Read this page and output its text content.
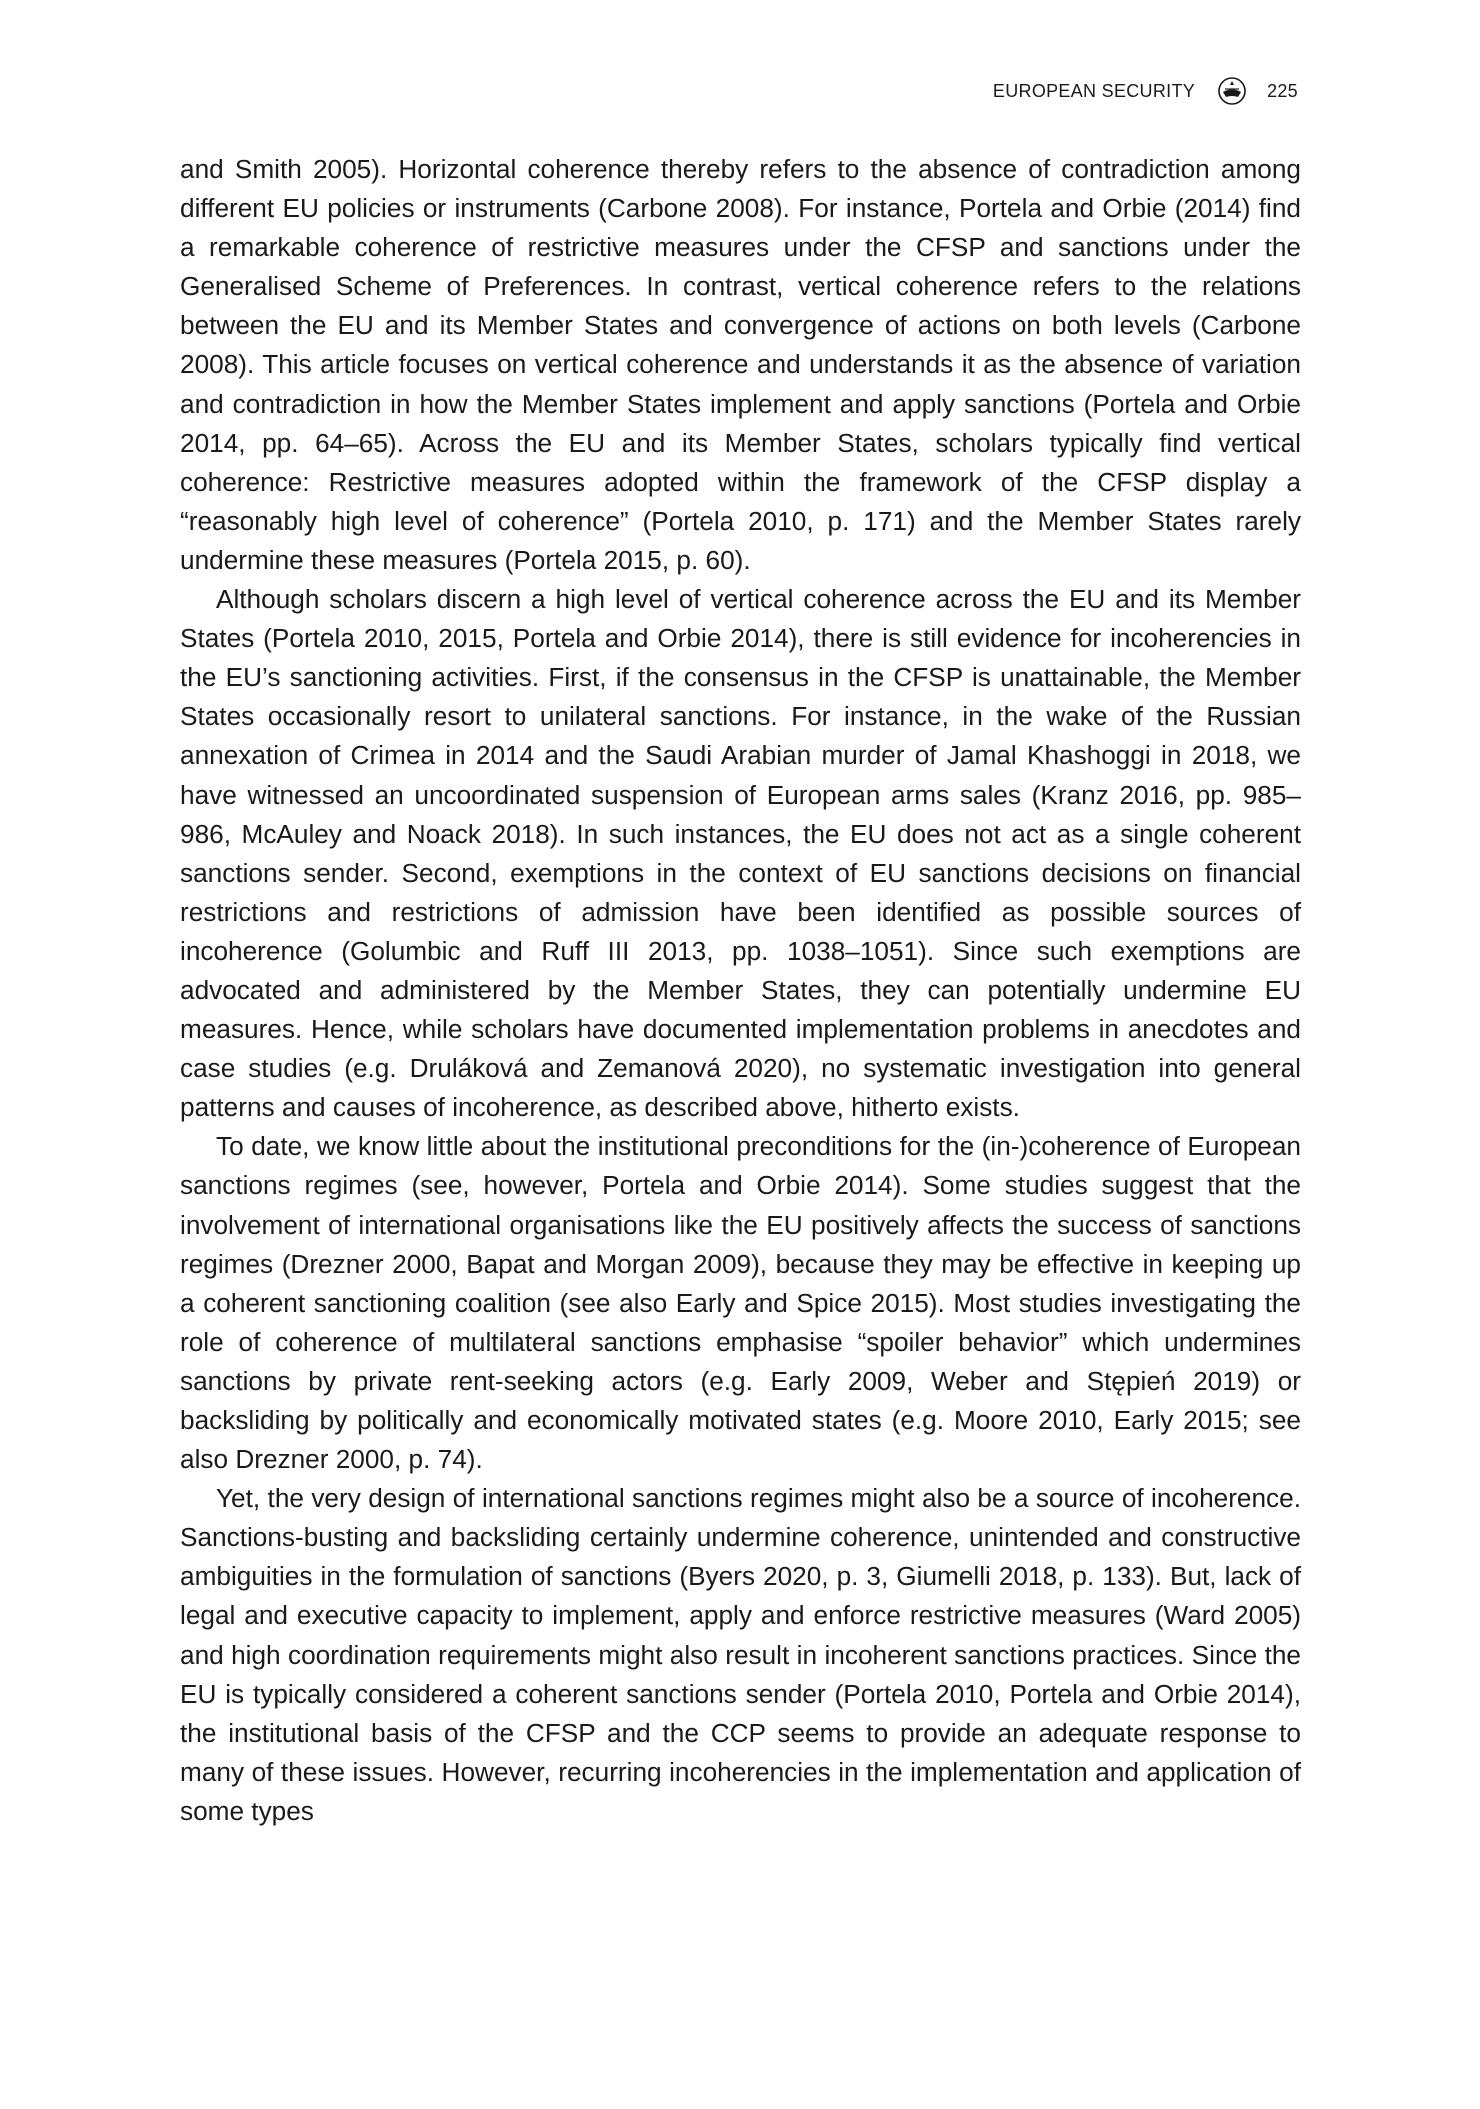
EUROPEAN SECURITY	225

and Smith 2005). Horizontal coherence thereby refers to the absence of contradiction among different EU policies or instruments (Carbone 2008). For instance, Portela and Orbie (2014) find a remarkable coherence of restrictive measures under the CFSP and sanctions under the Generalised Scheme of Preferences. In contrast, vertical coherence refers to the relations between the EU and its Member States and convergence of actions on both levels (Carbone 2008). This article focuses on vertical coherence and understands it as the absence of variation and contradiction in how the Member States implement and apply sanctions (Portela and Orbie 2014, pp. 64–65). Across the EU and its Member States, scholars typically find vertical coherence: Restrictive measures adopted within the framework of the CFSP display a “reasonably high level of coherence” (Portela 2010, p. 171) and the Member States rarely undermine these measures (Portela 2015, p. 60).

Although scholars discern a high level of vertical coherence across the EU and its Member States (Portela 2010, 2015, Portela and Orbie 2014), there is still evidence for incoherencies in the EU’s sanctioning activities. First, if the consensus in the CFSP is unattainable, the Member States occasionally resort to unilateral sanctions. For instance, in the wake of the Russian annexation of Crimea in 2014 and the Saudi Arabian murder of Jamal Khashoggi in 2018, we have witnessed an uncoordinated suspension of European arms sales (Kranz 2016, pp. 985–986, McAuley and Noack 2018). In such instances, the EU does not act as a single coherent sanctions sender. Second, exemptions in the context of EU sanctions decisions on financial restrictions and restrictions of admission have been identified as possible sources of incoherence (Golumbic and Ruff III 2013, pp. 1038–1051). Since such exemptions are advocated and administered by the Member States, they can potentially undermine EU measures. Hence, while scholars have documented implementation problems in anecdotes and case studies (e.g. Druláková and Zemanová 2020), no systematic investigation into general patterns and causes of incoherence, as described above, hitherto exists.

To date, we know little about the institutional preconditions for the (in-)coherence of European sanctions regimes (see, however, Portela and Orbie 2014). Some studies suggest that the involvement of international organisations like the EU positively affects the success of sanctions regimes (Drezner 2000, Bapat and Morgan 2009), because they may be effective in keeping up a coherent sanctioning coalition (see also Early and Spice 2015). Most studies investigating the role of coherence of multilateral sanctions emphasise “spoiler behavior” which undermines sanctions by private rent-seeking actors (e.g. Early 2009, Weber and Stępień 2019) or backsliding by politically and economically motivated states (e.g. Moore 2010, Early 2015; see also Drezner 2000, p. 74).

Yet, the very design of international sanctions regimes might also be a source of incoherence. Sanctions-busting and backsliding certainly undermine coherence, unintended and constructive ambiguities in the formulation of sanctions (Byers 2020, p. 3, Giumelli 2018, p. 133). But, lack of legal and executive capacity to implement, apply and enforce restrictive measures (Ward 2005) and high coordination requirements might also result in incoherent sanctions practices. Since the EU is typically considered a coherent sanctions sender (Portela 2010, Portela and Orbie 2014), the institutional basis of the CFSP and the CCP seems to provide an adequate response to many of these issues. However, recurring incoherencies in the implementation and application of some types
